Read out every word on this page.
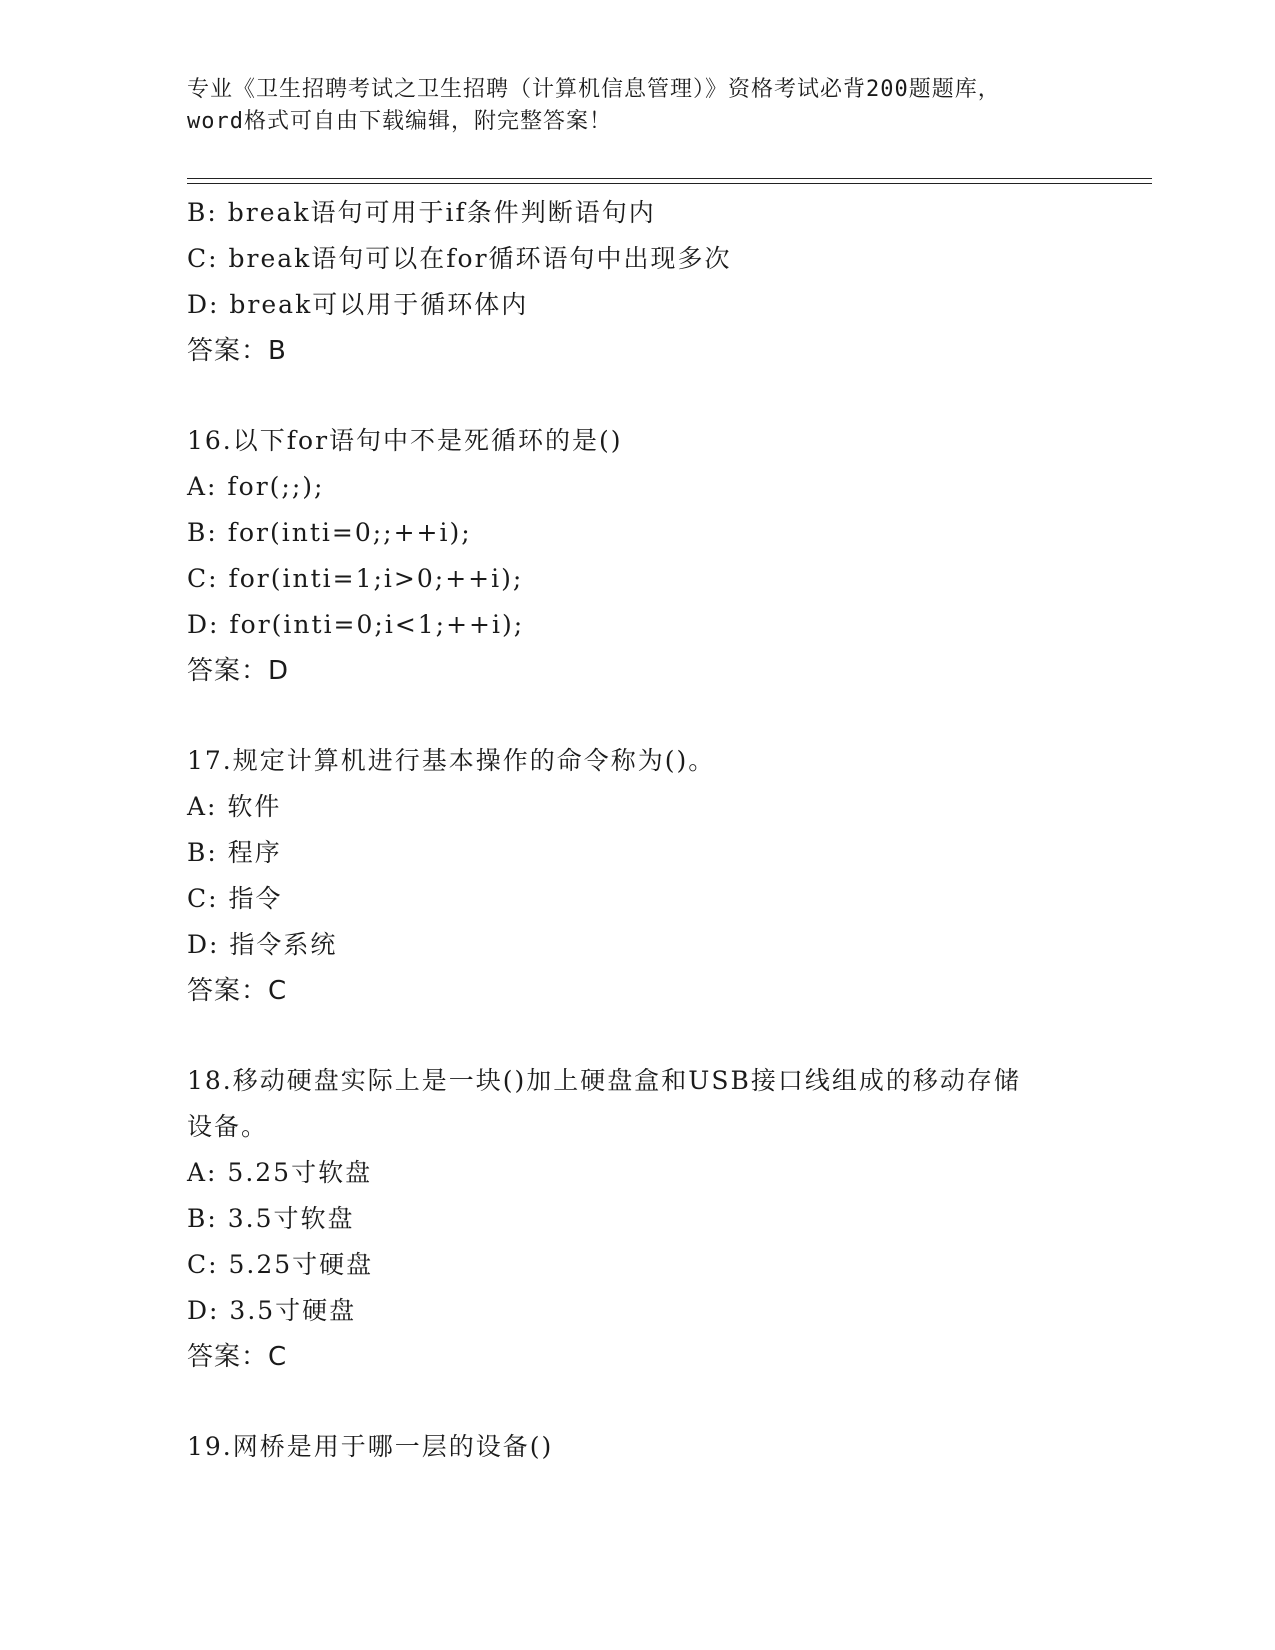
专业《卫生招聘考试之卫生招聘（计算机信息管理）》资格考试必背200题题库，
word格式可自由下载编辑，附完整答案！
B: break语句可用于if条件判断语句内
C: break语句可以在for循环语句中出现多次
D: break可以用于循环体内
答案：B
16.以下for语句中不是死循环的是()
A: for(;;);
B: for(inti=0;;++i);
C: for(inti=1;i>0;++i);
D: for(inti=0;i<1;++i);
答案：D
17.规定计算机进行基本操作的命令称为()。
A: 软件
B: 程序
C: 指令
D: 指令系统
答案：C
18.移动硬盘实际上是一块()加上硬盘盒和USB接口线组成的移动存储
设备。
A: 5.25寸软盘
B: 3.5寸软盘
C: 5.25寸硬盘
D: 3.5寸硬盘
答案：C
19.网桥是用于哪一层的设备()
